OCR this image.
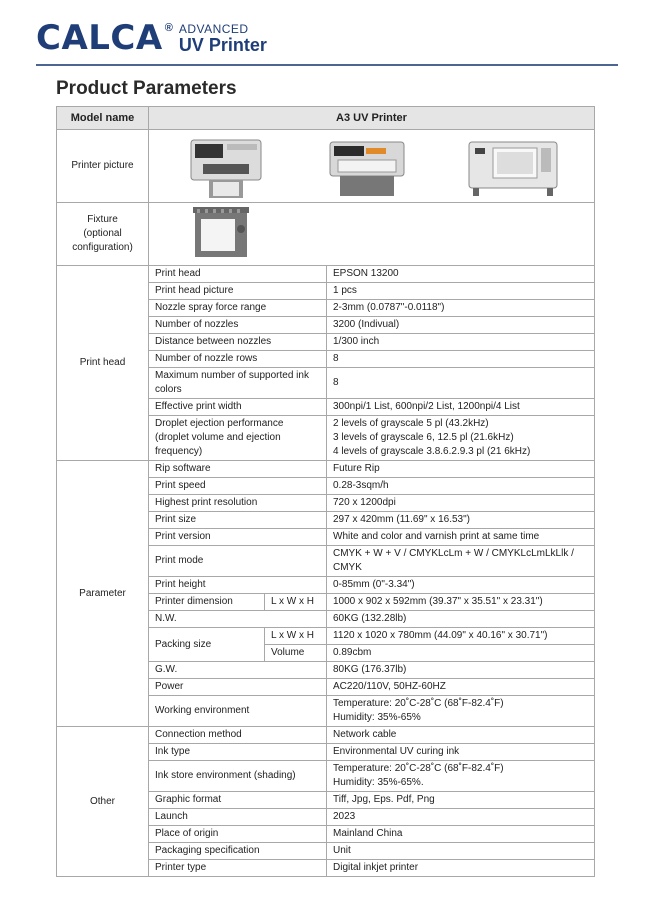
CALCA ® ADVANCED
UV Printer
Product Parameters
Model name	A3 UV Printer		
Printer picture	

Fixture
(optional
configuration)	

Print head	Print head		EPSON 13200
	Print head picture		1 pcs
	Nozzle spray force range		2-3mm (0.0787"-0.0118")
	Number of nozzles		3200 (Indivual)
	Distance between nozzles		1/300 inch
	Number of nozzle rows		8
	Maximum number of supported ink colors		8
	Effective print width		300npi/1 List, 600npi/2 List, 1200npi/4 List
	Droplet ejection performance (droplet volume and ejection frequency)		2 levels of grayscale 5 pl (43.2kHz)
3 levels of grayscale 6, 12.5 pl (21.6kHz)
4 levels of grayscale 3.8.6.2.9.3 pl (21 6kHz)
Parameter	Rip software		Future Rip
	Print speed		0.28-3sqm/h
	Highest print resolution		720 x 1200dpi
	Print size		297 x 420mm (11.69" x 16.53")
	Print version		White and color and varnish print at same time
	Print mode		CMYK + W + V / CMYKLcLm + W / CMYKLcLmLkLlk / CMYK
	Print height		0-85mm (0"-3.34")
	Printer dimension	L x W x H	1000 x 902 x 592mm (39.37" x 35.51" x 23.31")
	N.W.		60KG (132.28lb)
	Packing size	L x W x H	1120 x 1020 x 780mm (44.09" x 40.16" x 30.71")
		Volume	0.89cbm
	G.W.		80KG (176.37lb)
	Power		AC220/110V, 50HZ-60HZ
	Working environment		Temperature: 20˚C-28˚C (68˚F-82.4˚F)
Humidity: 35%-65%
Other	Connection method		Network cable
	Ink type		Environmental UV curing ink
	Ink store environment (shading)		Temperature: 20˚C-28˚C (68˚F-82.4˚F)
Humidity: 35%-65%.
	Graphic format		Tiff, Jpg, Eps. Pdf, Png
	Launch		2023
	Place of origin		Mainland China
	Packaging specification		Unit
	Printer type		Digital inkjet printer
